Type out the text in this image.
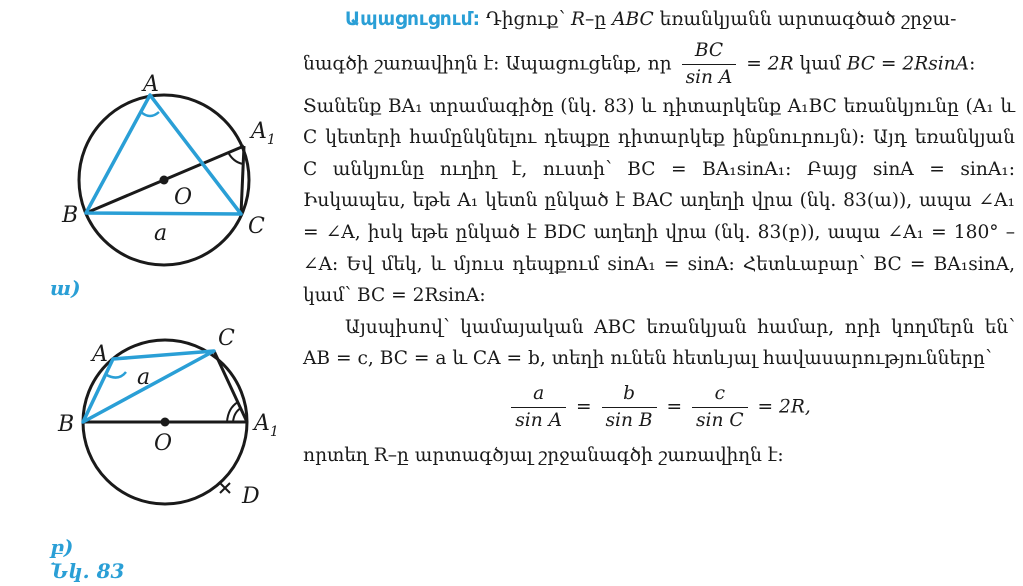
A
$A_1$
B	C
O
a
ա)
A
a
C
B
O
$A_1$
D
բ)
Նկ. 83

Ապացուցում: Դիցուք՝ R–ը ABC եռանկյանն արտագծած շրջա-

նագծի շառավիղն է: Ապացուցենք, որ $\frac{BC}{\text{sin A}} = 2R$ կամ BC = 2RsinA:

Տանենք BA₁ տրամագիծը (նկ. 83) և դիտարկենք A₁BC եռանկյունը (A₁ և C կետերի համընկնելու դեպքը դիտարկեք ինքնուրույն): Այդ եռանկյան C անկյունը ուղիղ է, ուստի՝ BC = BA₁sinA₁: Բայց sinA = sinA₁: Իսկապես, եթե A₁ կետն ընկած է BAC աղեղի վրա (նկ. 83(ա)), ապա ∠A₁ = ∠A, իսկ եթե ընկած է BDC աղեղի վրա (նկ. 83(բ)), ապա ∠A₁ = 180° – ∠A: Եվ մեկ, և մյուս դեպքում sinA₁ = sinA: Հետևաբար՝ BC = BA₁sinA, կամ՝ BC = 2RsinA:

Այսպիսով՝ կամայական ABC եռանկյան համար, որի կողմերն են՝ AB = c, BC = a և CA = b, տեղի ունեն հետևյալ հավասարությունները՝

$\frac{a}{\text{sin A}} = \frac{b}{\text{sin B}} = \frac{c}{\text{sin C}} = 2R$,

որտեղ R–ը արտագծյալ շրջանագծի շառավիղն է:
